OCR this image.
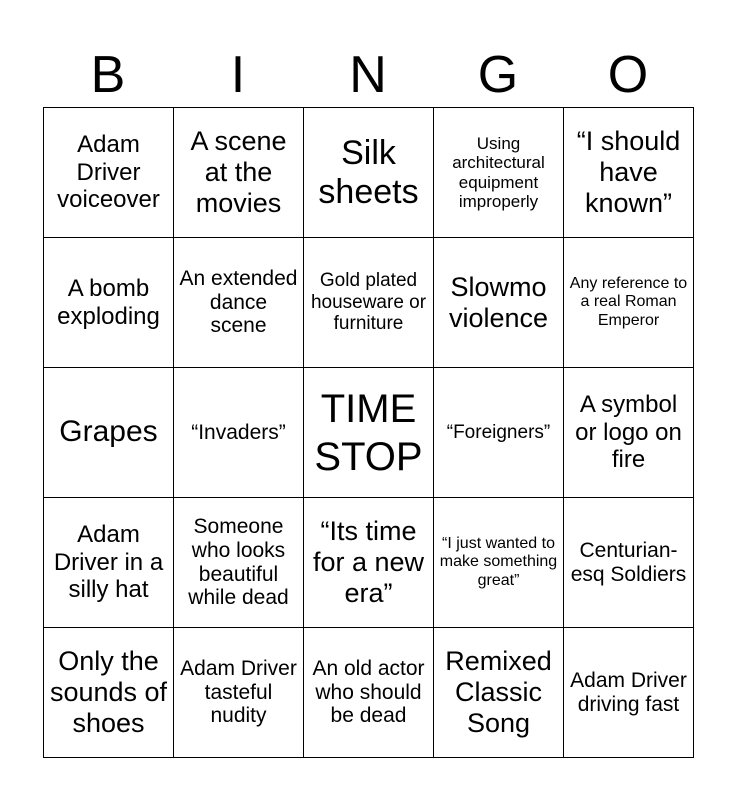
B	I	N	G	O
Adam Driver voiceover	A scene at the movies	Silk sheets	Using architectural equipment improperly	“I should have known”
A bomb exploding	An extended dance scene	Gold plated houseware or furniture	Slowmo violence	Any reference to a real Roman Emperor
Grapes	“Invaders”	TIME STOP	“Foreigners”	A symbol or logo on fire
Adam Driver in a silly hat	Someone who looks beautiful while dead	“Its time for a new era”	“I just wanted to make something great”	Centurian-esq Soldiers
Only the sounds of shoes	Adam Driver tasteful nudity	An old actor who should be dead	Remixed Classic Song	Adam Driver driving fast
